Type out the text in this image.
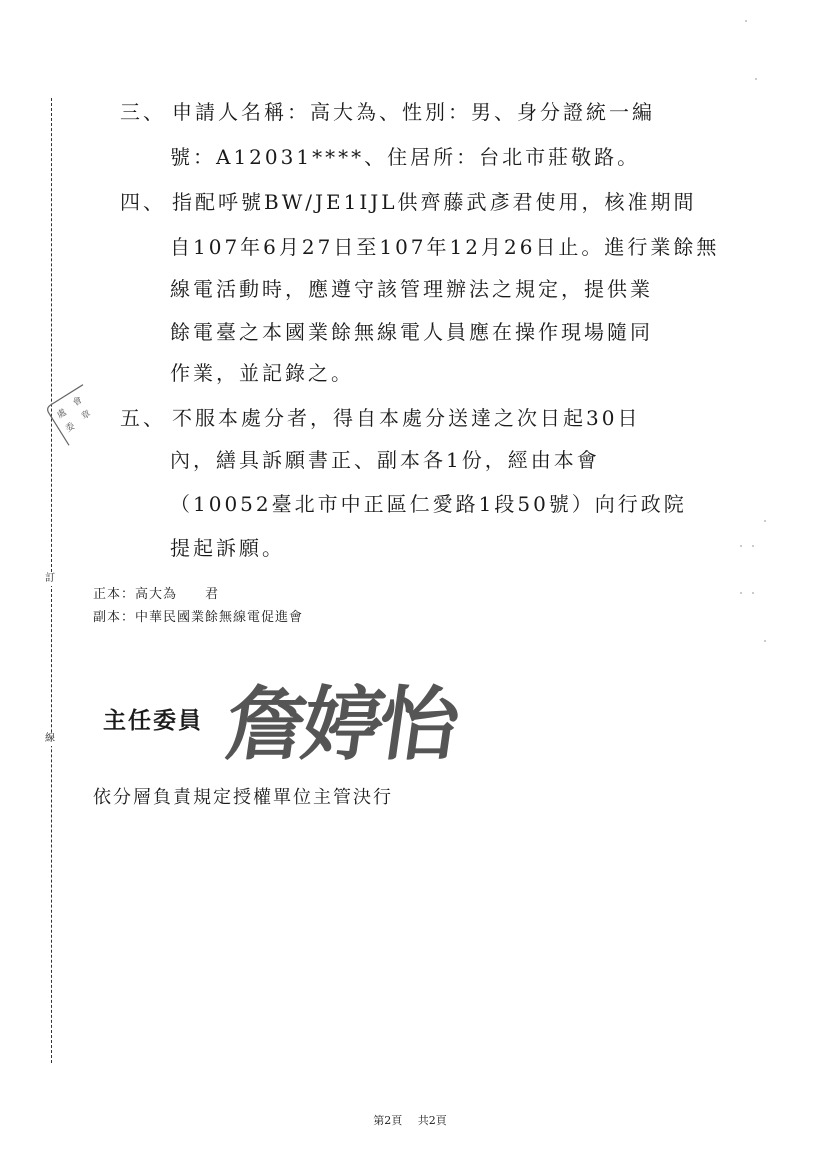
訂
線
處
會
委
章
三、 申請人名稱：高大為、性別：男、身分證統一編
號：A12031****、住居所：台北市莊敬路。
四、 指配呼號BW/JE1IJL供齊藤武彥君使用，核准期間
自107年6月27日至107年12月26日止。進行業餘無
線電活動時，應遵守該管理辦法之規定，提供業
餘電臺之本國業餘無線電人員應在操作現場隨同
作業，並記錄之。
五、 不服本處分者，得自本處分送達之次日起30日
內，繕具訴願書正、副本各1份，經由本會
（10052臺北市中正區仁愛路1段50號）向行政院
提起訴願。
正本：高大為　　君
副本：中華民國業餘無線電促進會
主任委員 詹婷怡
依分層負責規定授權單位主管決行
第2頁 共2頁
